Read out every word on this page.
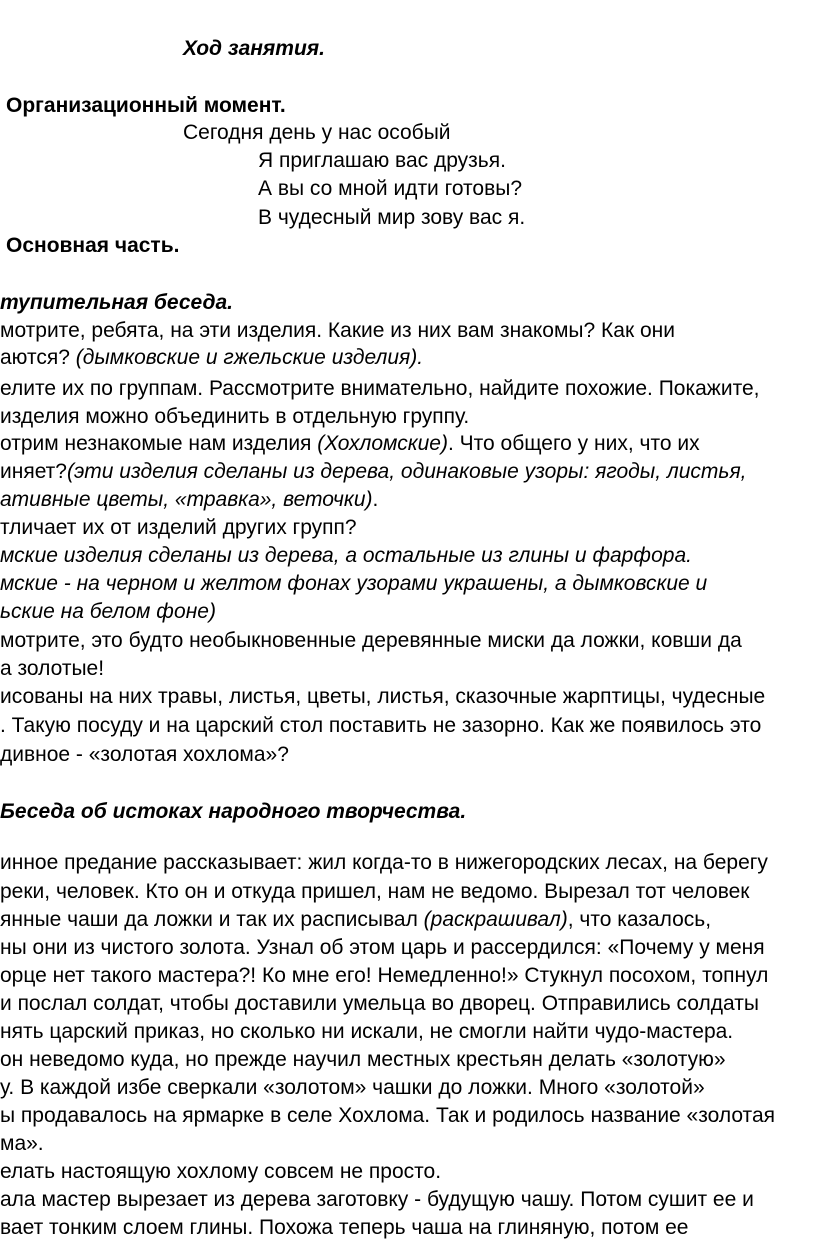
Ход занятия.

Организационный момент.

Сегодня день у нас особый

Я приглашаю вас друзья.

А вы со мной идти готовы?

В чудесный мир зову вас я.

Основная часть.

тупительная беседа.

мотрите, ребята, на эти изделия. Какие из них вам знакомы? Как они

аются? (дымковские и гжельские изделия).

елите их по группам. Рассмотрите внимательно, найдите похожие. Покажите,

изделия можно объединить в отдельную группу.

отрим незнакомые нам изделия (Хохломские). Что общего у них, что их

иняет?(эти изделия сделаны из дерева, одинаковые узоры: ягоды, листья,

ативные цветы, «травка», веточки).

тличает их от изделий других групп?

мские изделия сделаны из дерева, а остальные из глины и фарфора.

мские - на черном и желтом фонах узорами украшены, а дымковские и

ьские на белом фоне)

мотрите, это будто необыкновенные деревянные миски да ложки, ковши да

а золотые!

исованы на них травы, листья, цветы, листья, сказочные жарптицы, чудесные

. Такую посуду и на царский стол поставить не зазорно. Как же появилось это

дивное - «золотая хохлома»?

Беседа об истоках народного творчества.

инное предание рассказывает: жил когда-то в нижегородских лесах, на берегу

реки, человек. Кто он и откуда пришел, нам не ведомо. Вырезал тот человек

янные чаши да ложки и так их расписывал (раскрашивал), что казалось,

ны они из чистого золота. Узнал об этом царь и рассердился: «Почему у меня

орце нет такого мастера?! Ко мне его! Немедленно!» Стукнул посохом, топнул

и послал солдат, чтобы доставили умельца во дворец. Отправились солдаты

нять царский приказ, но сколько ни искали, не смогли найти чудо-мастера.

он неведомо куда, но прежде научил местных крестьян делать «золотую»

у. В каждой избе сверкали «золотом» чашки до ложки. Много «золотой»

ы продавалось на ярмарке в селе Хохлома. Так и родилось название «золотая

ма».

елать настоящую хохлому совсем не просто.

ала мастер вырезает из дерева заготовку - будущую чашу. Потом сушит ее и

вает тонким слоем глины. Похожа теперь чаша на глиняную, потом ее
